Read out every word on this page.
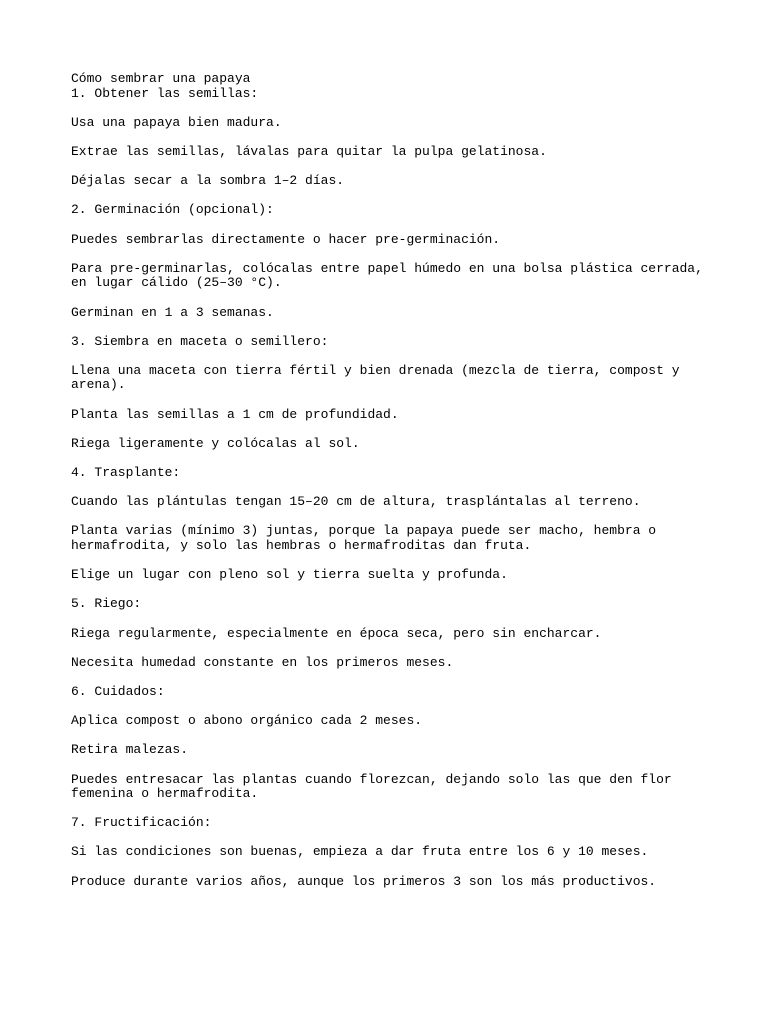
Cómo sembrar una papaya
1. Obtener las semillas:

Usa una papaya bien madura.

Extrae las semillas, lávalas para quitar la pulpa gelatinosa.

Déjalas secar a la sombra 1–2 días.

2. Germinación (opcional):

Puedes sembrarlas directamente o hacer pre-germinación.

Para pre-germinarlas, colócalas entre papel húmedo en una bolsa plástica cerrada,
en lugar cálido (25–30 °C).

Germinan en 1 a 3 semanas.

3. Siembra en maceta o semillero:

Llena una maceta con tierra fértil y bien drenada (mezcla de tierra, compost y
arena).

Planta las semillas a 1 cm de profundidad.

Riega ligeramente y colócalas al sol.

4. Trasplante:

Cuando las plántulas tengan 15–20 cm de altura, trasplántalas al terreno.

Planta varias (mínimo 3) juntas, porque la papaya puede ser macho, hembra o
hermafrodita, y solo las hembras o hermafroditas dan fruta.

Elige un lugar con pleno sol y tierra suelta y profunda.

5. Riego:

Riega regularmente, especialmente en época seca, pero sin encharcar.

Necesita humedad constante en los primeros meses.

6. Cuidados:

Aplica compost o abono orgánico cada 2 meses.

Retira malezas.

Puedes entresacar las plantas cuando florezcan, dejando solo las que den flor
femenina o hermafrodita.

7. Fructificación:

Si las condiciones son buenas, empieza a dar fruta entre los 6 y 10 meses.

Produce durante varios años, aunque los primeros 3 son los más productivos.
